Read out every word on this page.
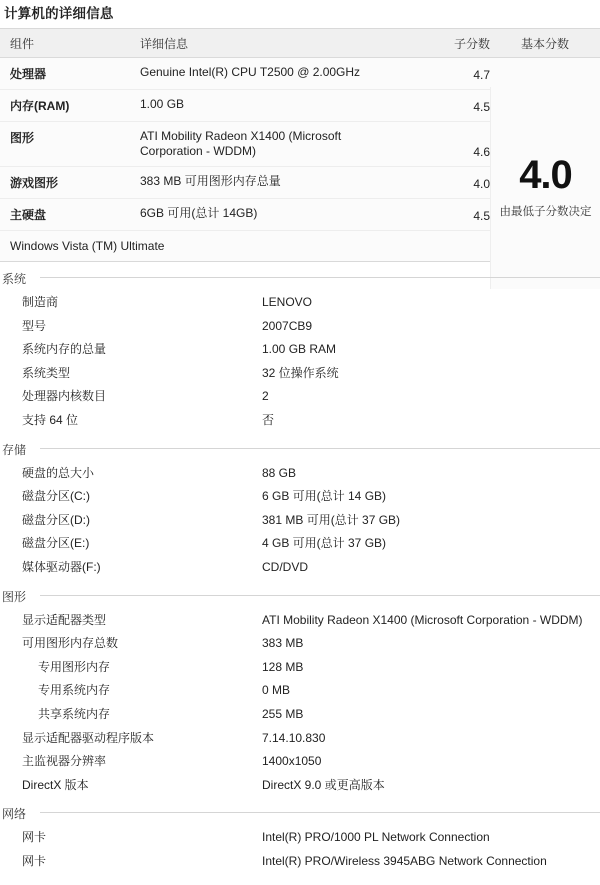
计算机的详细信息
组件	详细信息	子分数	基本分数
处理器	Genuine Intel(R) CPU T2500 @ 2.00GHz	4.7
内存(RAM)	1.00 GB	4.5
图形	ATI Mobility Radeon X1400 (Microsoft Corporation - WDDM)	4.6
游戏图形	383 MB 可用图形内存总量	4.0
主硬盘	6GB 可用(总计 14GB)	4.5
Windows Vista (TM) Ultimate
4.0
由最低子分数决定
系统
制造商	LENOVO
型号	2007CB9
系统内存的总量	1.00 GB RAM
系统类型	32 位操作系统
处理器内核数目	2
支持 64 位	否
存储
硬盘的总大小	88 GB
磁盘分区(C:)	6 GB 可用(总计 14 GB)
磁盘分区(D:)	381 MB 可用(总计 37 GB)
磁盘分区(E:)	4 GB 可用(总计 37 GB)
媒体驱动器(F:)	CD/DVD
图形
显示适配器类型	ATI Mobility Radeon X1400 (Microsoft Corporation - WDDM)
可用图形内存总数	383 MB
专用图形内存	128 MB
专用系统内存	0 MB
共享系统内存	255 MB
显示适配器驱动程序版本	7.14.10.830
主监视器分辨率	1400x1050
DirectX 版本	DirectX 9.0 或更高版本
网络
网卡	Intel(R) PRO/1000 PL Network Connection
网卡	Intel(R) PRO/Wireless 3945ABG Network Connection
